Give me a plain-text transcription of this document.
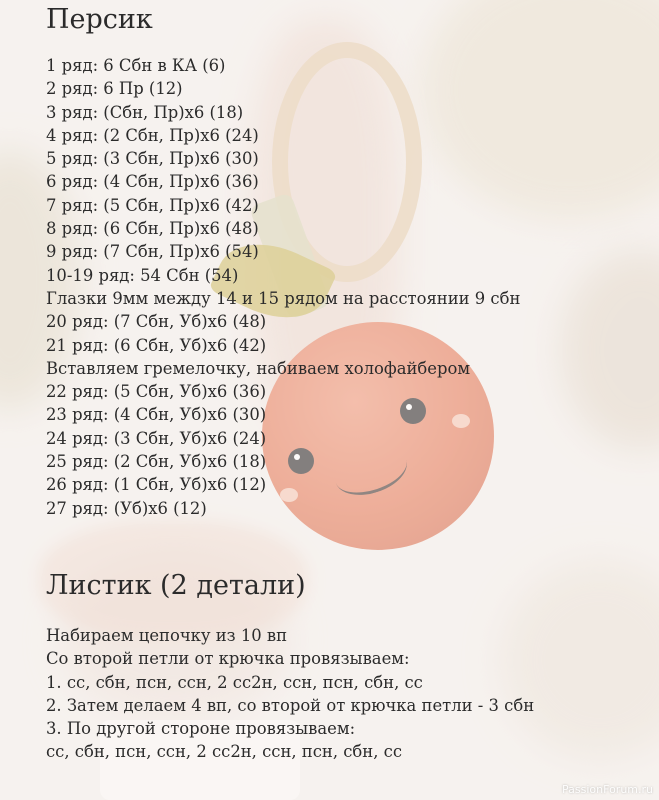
Персик
1 ряд: 6 Сбн в КА (6)
2 ряд: 6 Пр (12)
3 ряд: (Сбн, Пр)х6 (18)
4 ряд: (2 Сбн, Пр)х6 (24)
5 ряд: (3 Сбн, Пр)х6 (30)
6 ряд: (4 Сбн, Пр)х6 (36)
7 ряд: (5 Сбн, Пр)х6 (42)
8 ряд: (6 Сбн, Пр)х6 (48)
9 ряд: (7 Сбн, Пр)х6 (54)
10-19 ряд: 54 Сбн (54)
Глазки 9мм между 14 и 15 рядом на расстоянии 9 сбн
20 ряд: (7 Сбн, Уб)х6 (48)
21 ряд: (6 Сбн, Уб)х6 (42)
Вставляем гремелочку, набиваем холофайбером
22 ряд: (5 Сбн, Уб)х6 (36)
23 ряд: (4 Сбн, Уб)х6 (30)
24 ряд: (3 Сбн, Уб)х6 (24)
25 ряд: (2 Сбн, Уб)х6 (18)
26 ряд: (1 Сбн, Уб)х6 (12)
27 ряд: (Уб)х6 (12)
Листик (2 детали)
Набираем цепочку из 10 вп
Со второй петли от крючка провязываем:
1. сс, сбн, псн, ссн, 2 сс2н, ссн, псн, сбн, сс
2. Затем делаем 4 вп, со второй от крючка петли - 3 сбн
3. По другой стороне провязываем:
сс, сбн, псн, ссн, 2 сс2н, ссн, псн, сбн, сс
PassionForum.ru
